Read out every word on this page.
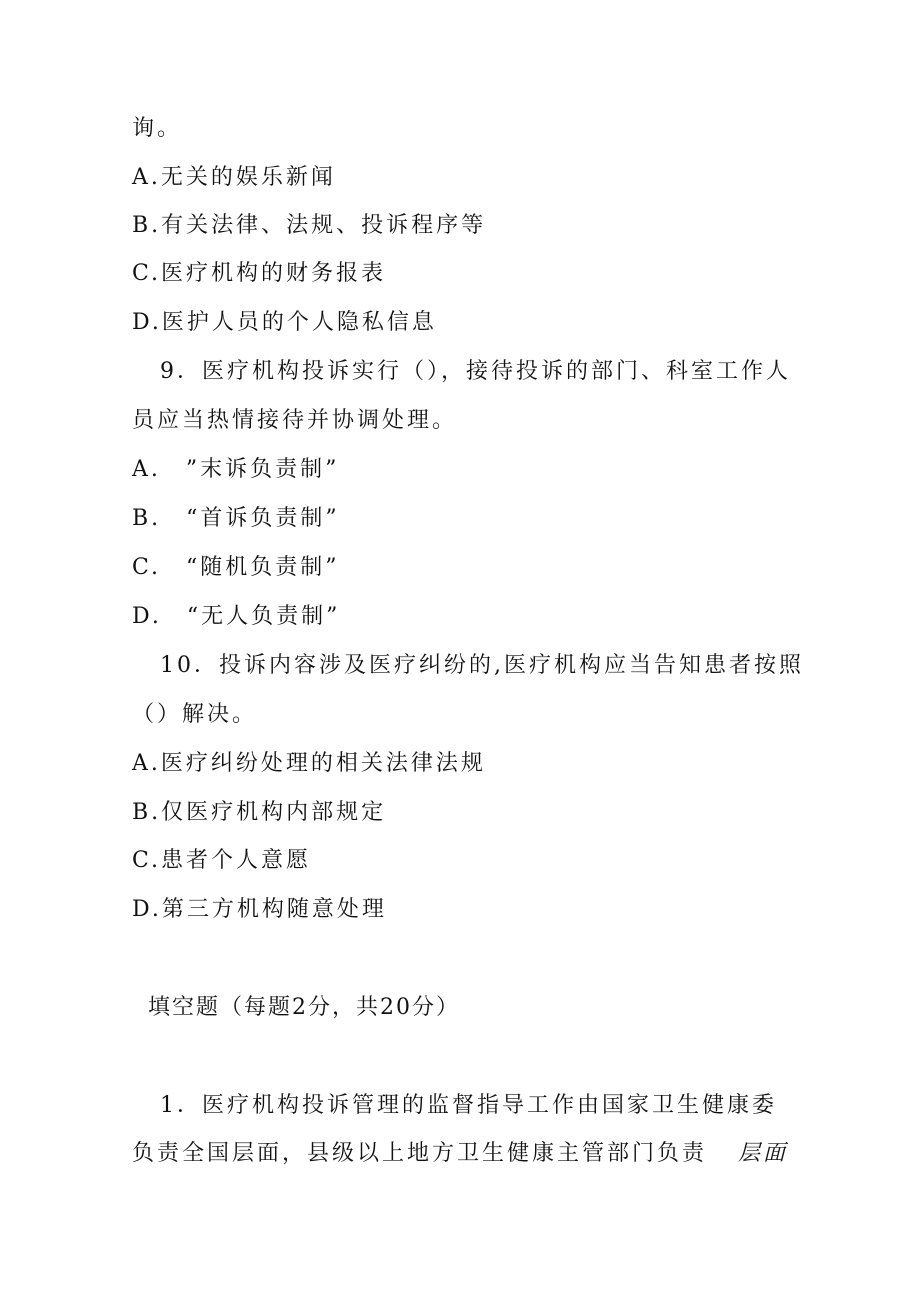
询。
A.无关的娱乐新闻
B.有关法律、法规、投诉程序等
C.医疗机构的财务报表
D.医护人员的个人隐私信息
9．医疗机构投诉实行（），接待投诉的部门、科室工作人
员应当热情接待并协调处理。
A.　”末诉负责制”
B.　“首诉负责制”
C.　“随机负责制”
D.　“无人负责制”
10．投诉内容涉及医疗纠纷的,医疗机构应当告知患者按照
（）解决。
A.医疗纠纷处理的相关法律法规
B.仅医疗机构内部规定
C.患者个人意愿
D.第三方机构随意处理
填空题（每题2分，共20分）
1．医疗机构投诉管理的监督指导工作由国家卫生健康委
负责全国层面，县级以上地方卫生健康主管部门负责 层面
